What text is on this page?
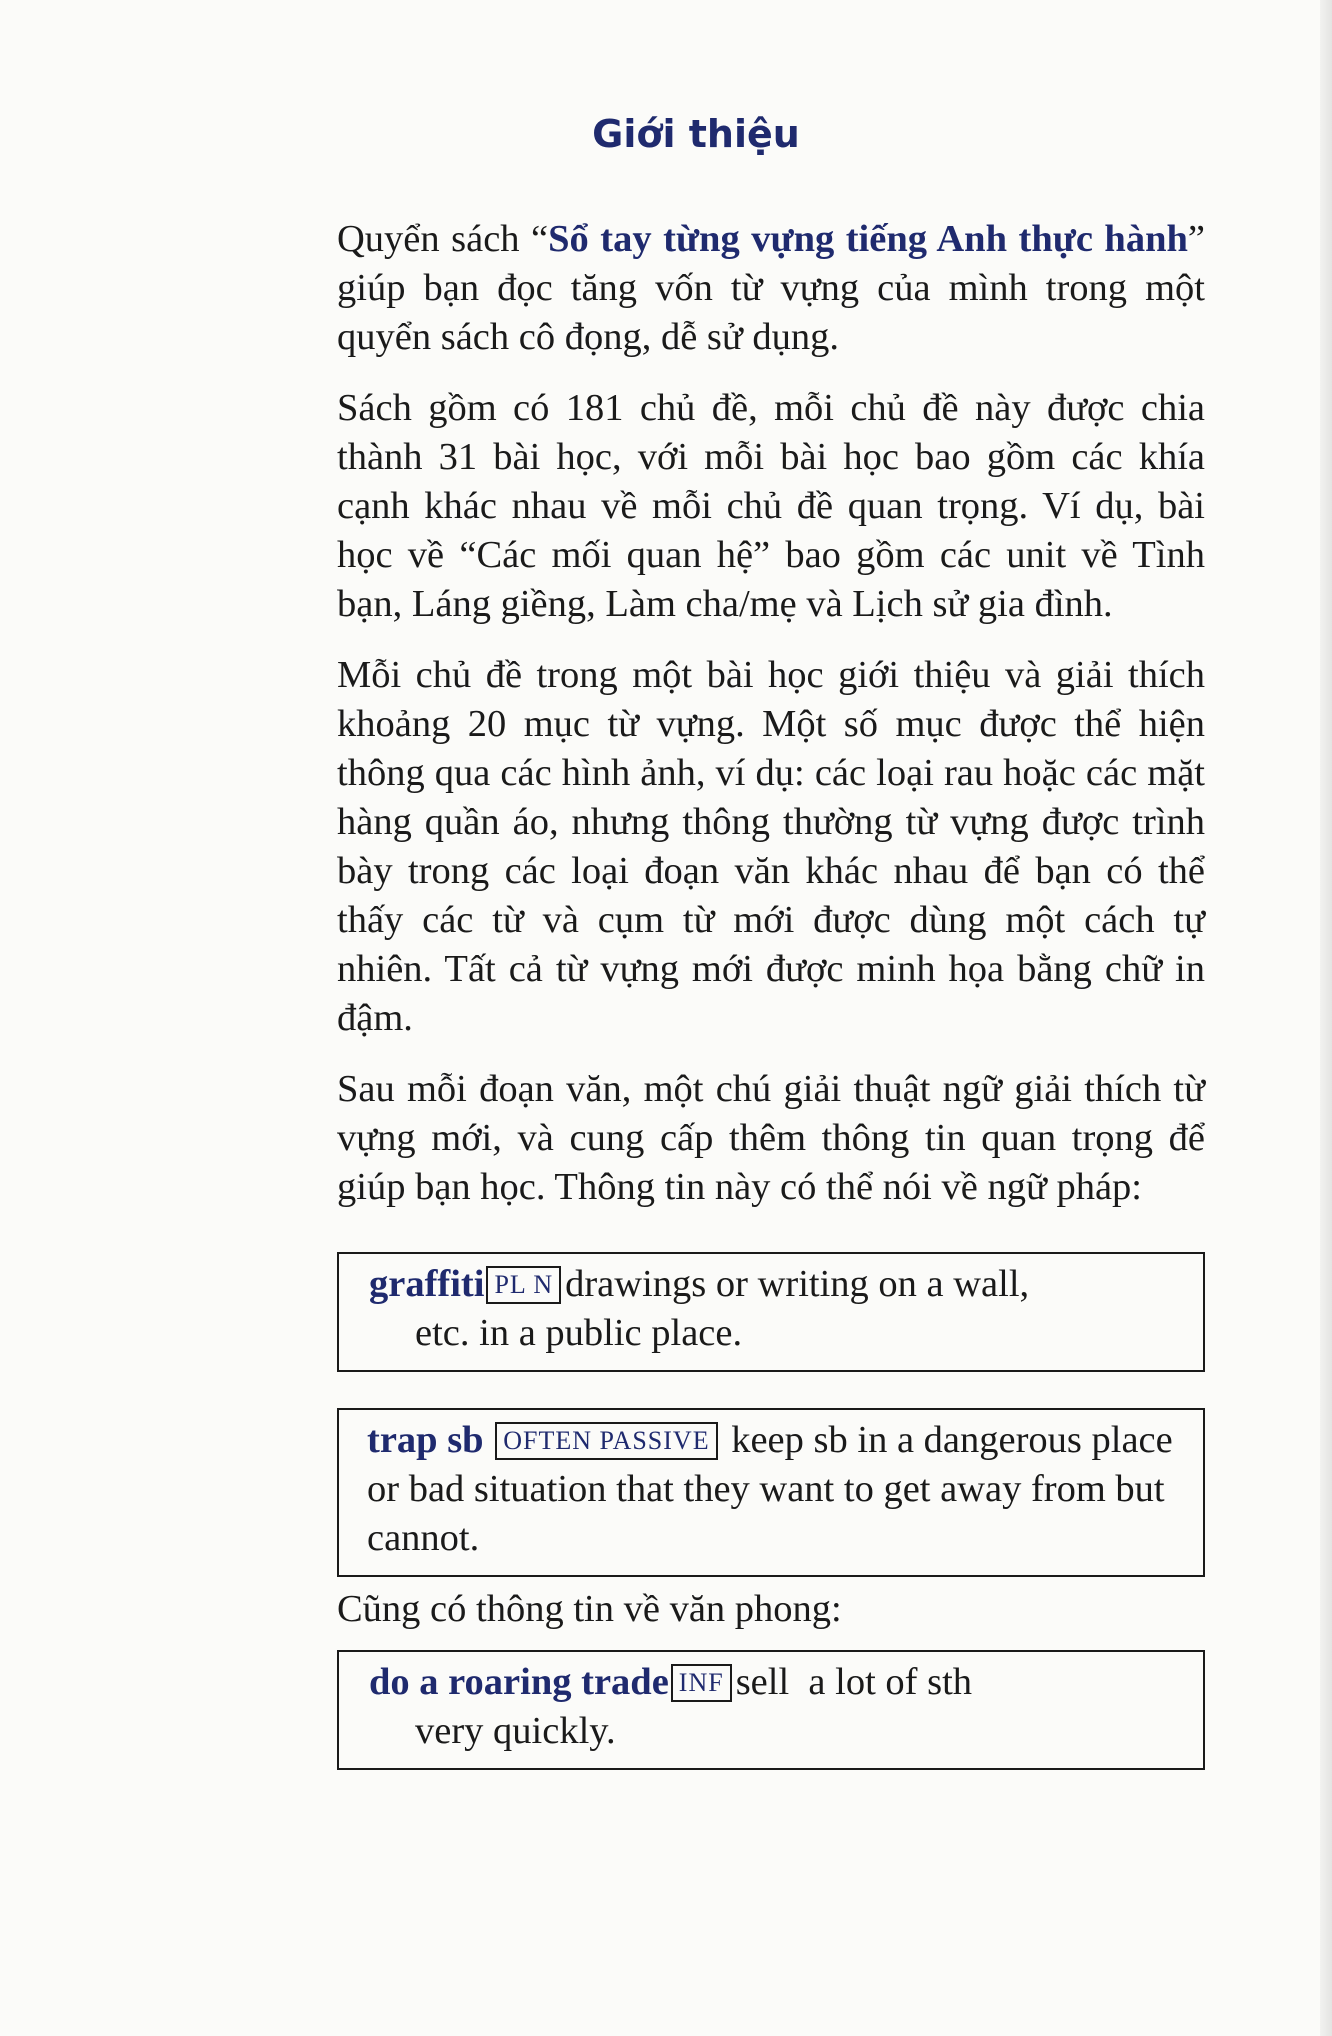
Giới thiệu

Quyển sách “Sổ tay từng vựng tiếng Anh thực hành” giúp bạn đọc tăng vốn từ vựng của mình trong một quyển sách cô đọng, dễ sử dụng.

Sách gồm có 181 chủ đề, mỗi chủ đề này được chia thành 31 bài học, với mỗi bài học bao gồm các khía cạnh khác nhau về mỗi chủ đề quan trọng. Ví dụ, bài học về “Các mối quan hệ” bao gồm các unit về Tình bạn, Láng giềng, Làm cha/mẹ và Lịch sử gia đình.

Mỗi chủ đề trong một bài học giới thiệu và giải thích khoảng 20 mục từ vựng. Một số mục được thể hiện thông qua các hình ảnh, ví dụ: các loại rau hoặc các mặt hàng quần áo, nhưng thông thường từ vựng được trình bày trong các loại đoạn văn khác nhau để bạn có thể thấy các từ và cụm từ mới được dùng một cách tự nhiên. Tất cả từ vựng mới được minh họa bằng chữ in đậm.

Sau mỗi đoạn văn, một chú giải thuật ngữ giải thích từ vựng mới, và cung cấp thêm thông tin quan trọng để giúp bạn học. Thông tin này có thể nói về ngữ pháp:

graffiti PL N drawings or writing on a wall,
etc. in a public place.
trap sb OFTEN PASSIVE keep sb in a dangerous place or bad situation that they want to get away from but cannot.
Cũng có thông tin về văn phong:
do a roaring trade INF sell  a lot of sth
very quickly.
